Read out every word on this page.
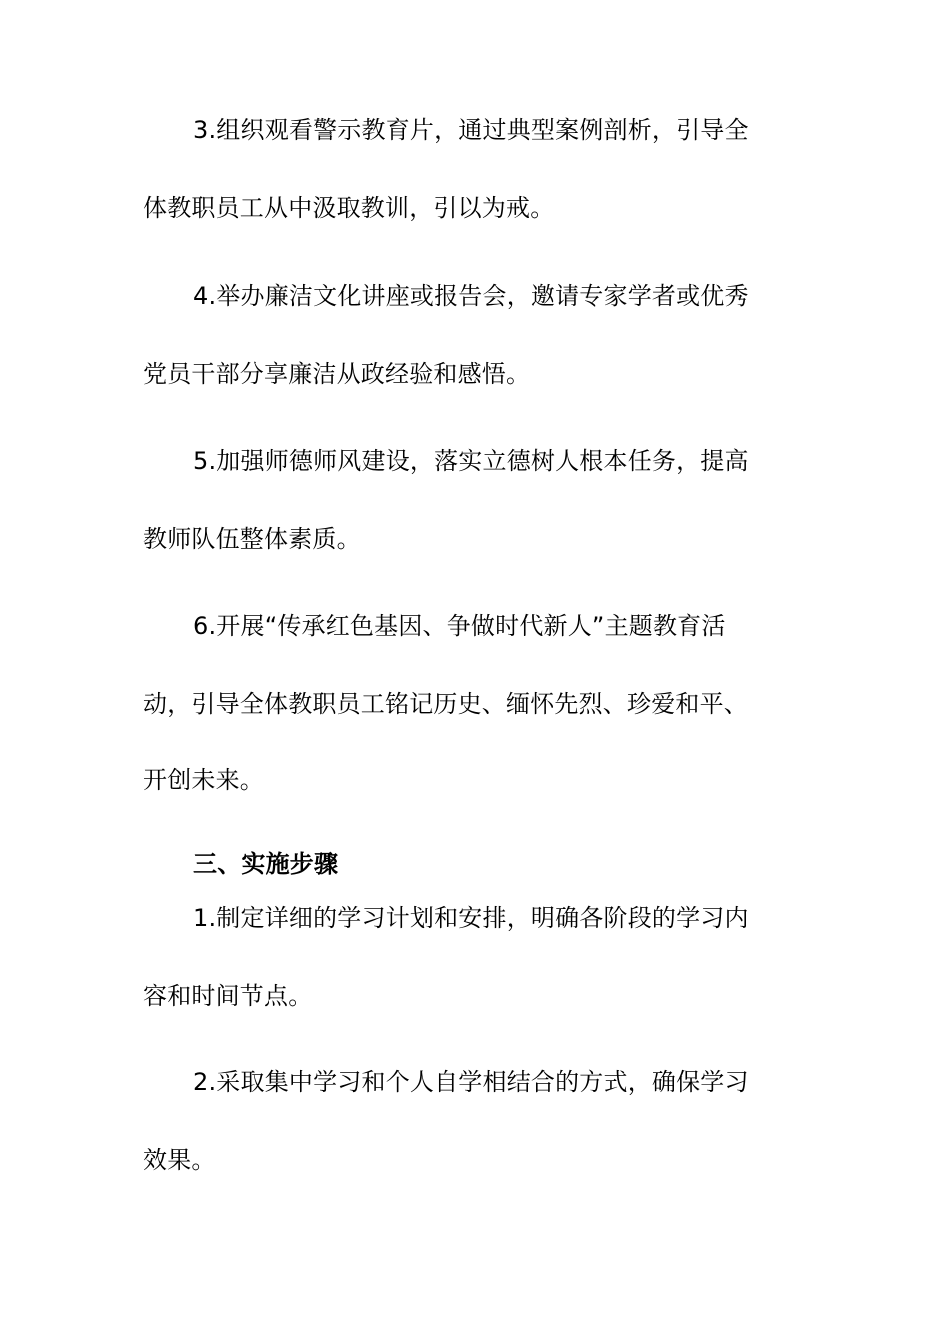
3.组织观看警示教育片，通过典型案例剖析，引导全
体教职员工从中汲取教训，引以为戒。
4.举办廉洁文化讲座或报告会，邀请专家学者或优秀
党员干部分享廉洁从政经验和感悟。
5.加强师德师风建设，落实立德树人根本任务，提高
教师队伍整体素质。
6.开展“传承红色基因、争做时代新人”主题教育活
动，引导全体教职员工铭记历史、缅怀先烈、珍爱和平、
开创未来。
三、实施步骤
1.制定详细的学习计划和安排，明确各阶段的学习内
容和时间节点。
2.采取集中学习和个人自学相结合的方式，确保学习
效果。
